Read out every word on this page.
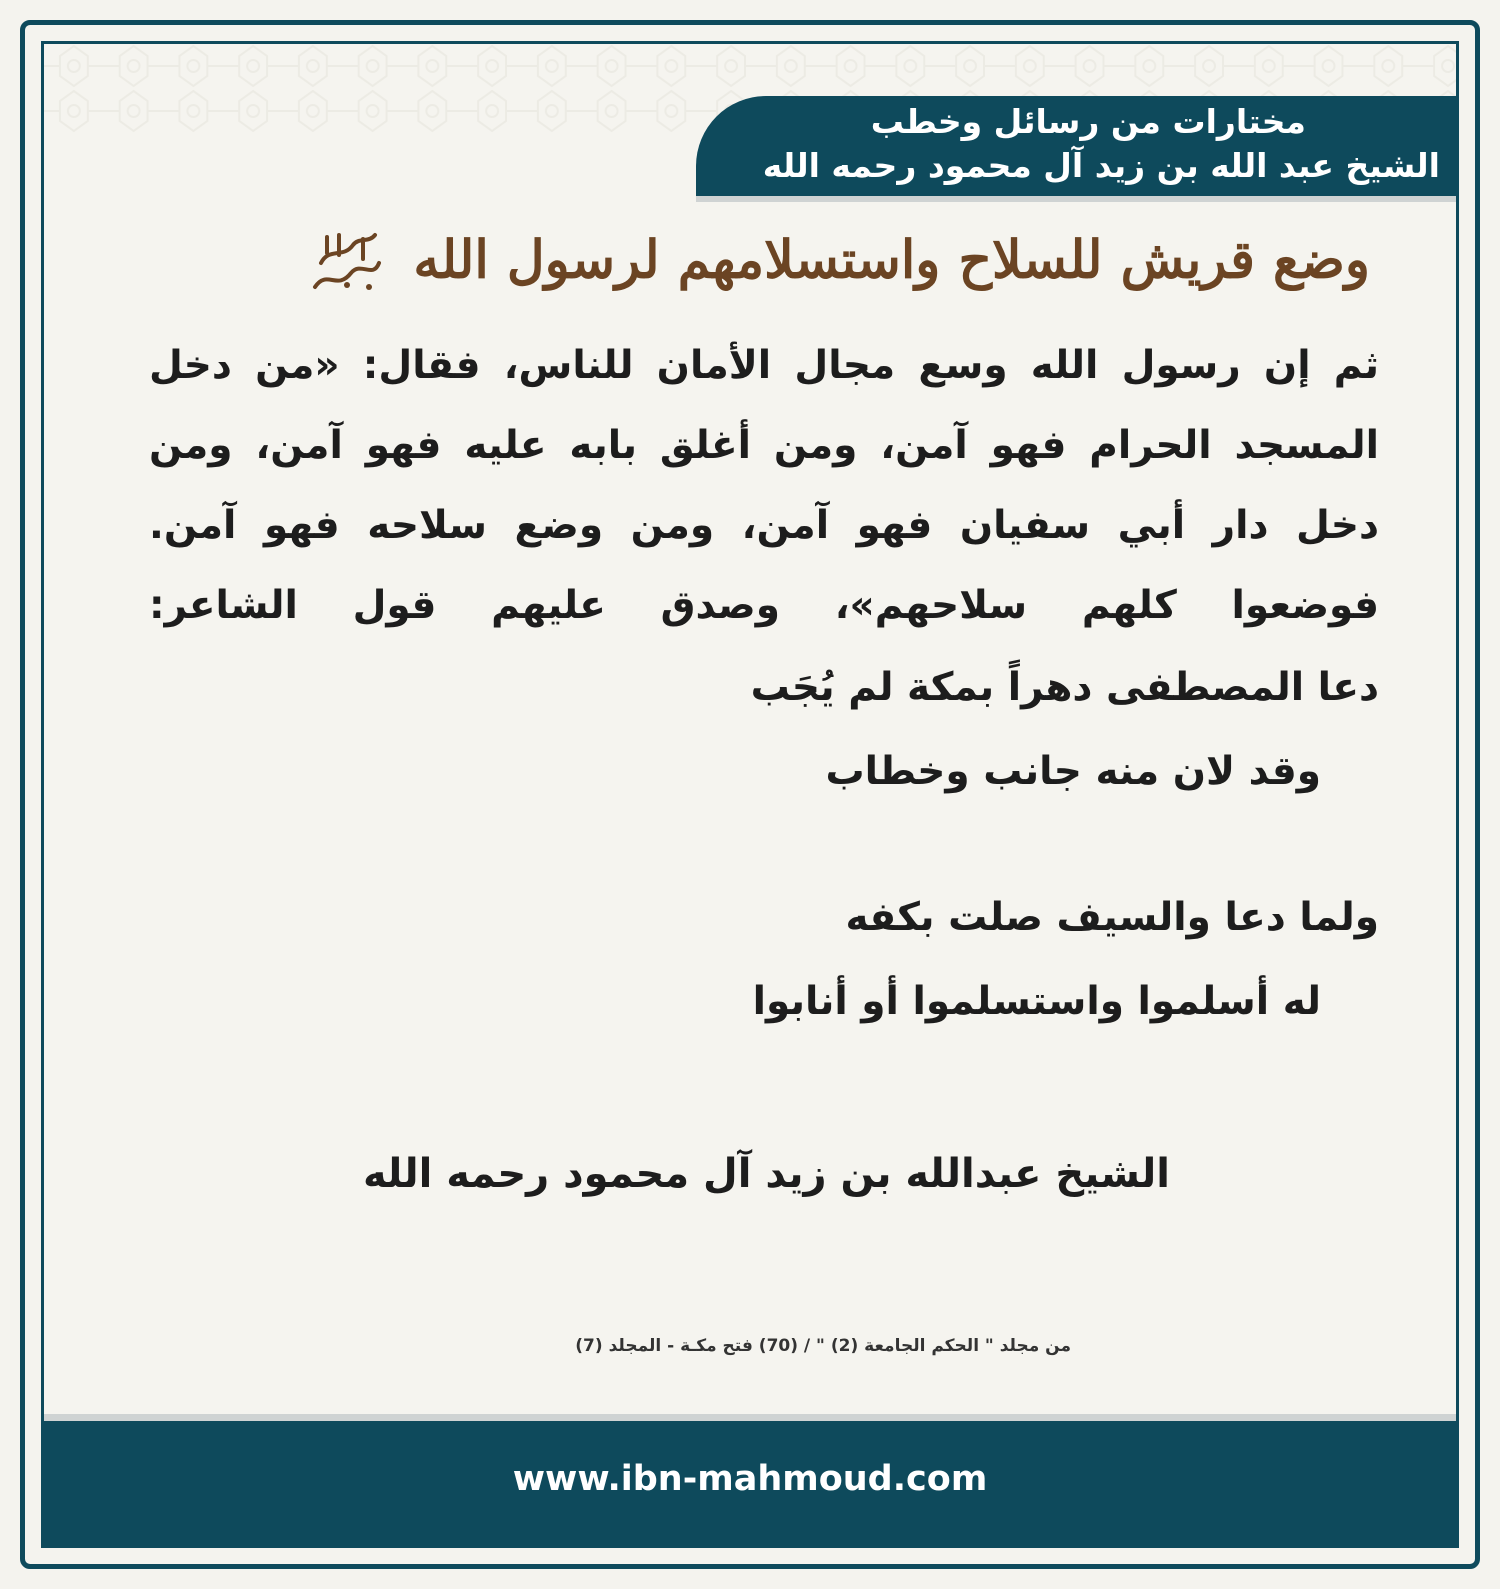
مختارات من رسائل وخطب
الشيخ عبد الله بن زيد آل محمود رحمه الله
وضع قريش للسلاح واستسلامهم لرسول الله
ثم إن رسول الله وسع مجال الأمان للناس، فقال: «من دخل
المسجد الحرام فهو آمن، ومن أغلق بابه عليه فهو آمن، ومن
دخل دار أبي سفيان فهو آمن، ومن وضع سلاحه فهو آمن.
فوضعوا كلهم سلاحهم»، وصدق عليهم قول الشاعر:
دعا المصطفى دهراً بمكة لم يُجَب
وقد لان منه جانب وخطاب
ولما دعا والسيف صلت بكفه
له أسلموا واستسلموا أو أنابوا
الشيخ عبدالله بن زيد آل محمود رحمه الله
من مجلد " الحكم الجامعة (2) " / (70) فتح مكـة - المجلد (7)
www.ibn-mahmoud.com
